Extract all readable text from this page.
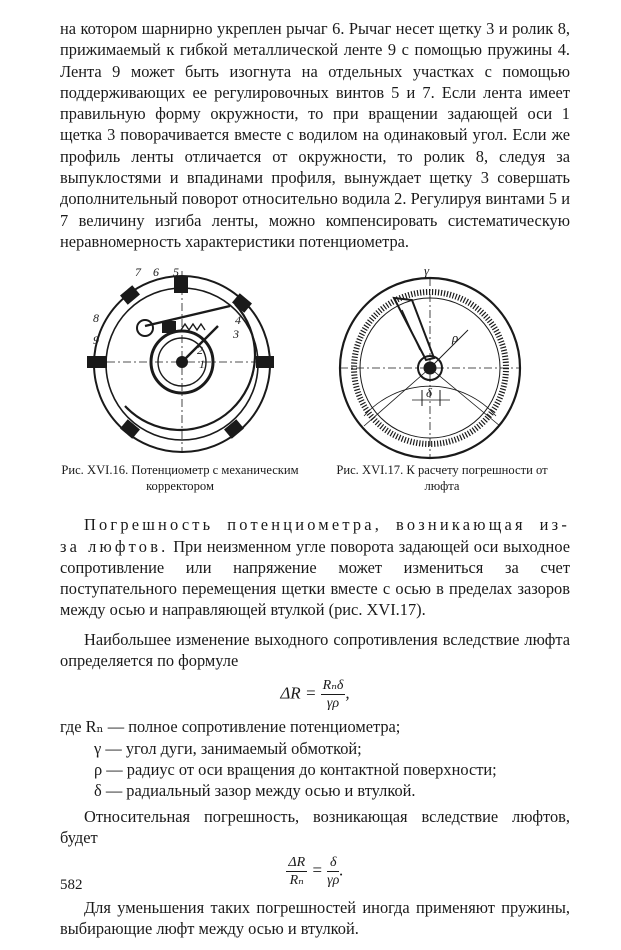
на котором шарнирно укреплен рычаг 6. Рычаг несет щетку 3 и ролик 8, прижимаемый к гибкой металлической ленте 9 с помощью пружины 4. Лента 9 может быть изогнута на отдельных участках с помощью поддерживающих ее регулировочных винтов 5 и 7. Если лента имеет правильную форму окружности, то при вращении задающей оси 1 щетка 3 поворачивается вместе с водилом на одинаковый угол. Если же профиль ленты отличается от окружности, то ролик 8, следуя за выпуклостями и впадинами профиля, вынуждает щетку 3 совершать дополнительный поворот относительно водила 2. Регулируя винтами 5 и 7 величину изгиба ленты, можно компенсировать систематическую неравномерность характеристики потенциометра.

7 6 5
8
9
4
3
2
1
γ
ρ
δ
Рис. XVI.16. Потенциометр с механическим корректором
Рис. XVI.17. К расчету погрешности от люфта

Погрешность потенциометра, возникающая из-за люфтов. При неизменном угле поворота задающей оси выходное сопротивление или напряжение может измениться за счет поступательного перемещения щетки вместе с осью в пределах зазоров между осью и направляющей втулкой (рис. XVI.17).

Наибольшее изменение выходного сопротивления вследствие люфта определяется по формуле

$\Delta R = \frac{\text{Rₙδ}}{\gamma\rho}$ ,
где Rₙ — полное сопротивление потенциометра;
γ — угол дуги, занимаемый обмоткой;
ρ — радиус от оси вращения до контактной поверхности;
δ — радиальный зазор между осью и втулкой.

Относительная погрешность, возникающая вследствие люфтов, будет

$\frac{\Delta R}{\text{Rₙ}} = \frac{\delta}{\gamma\rho}$ .

Для уменьшения таких погрешностей иногда применяют пружины, выбирающие люфт между осью и втулкой.

582
